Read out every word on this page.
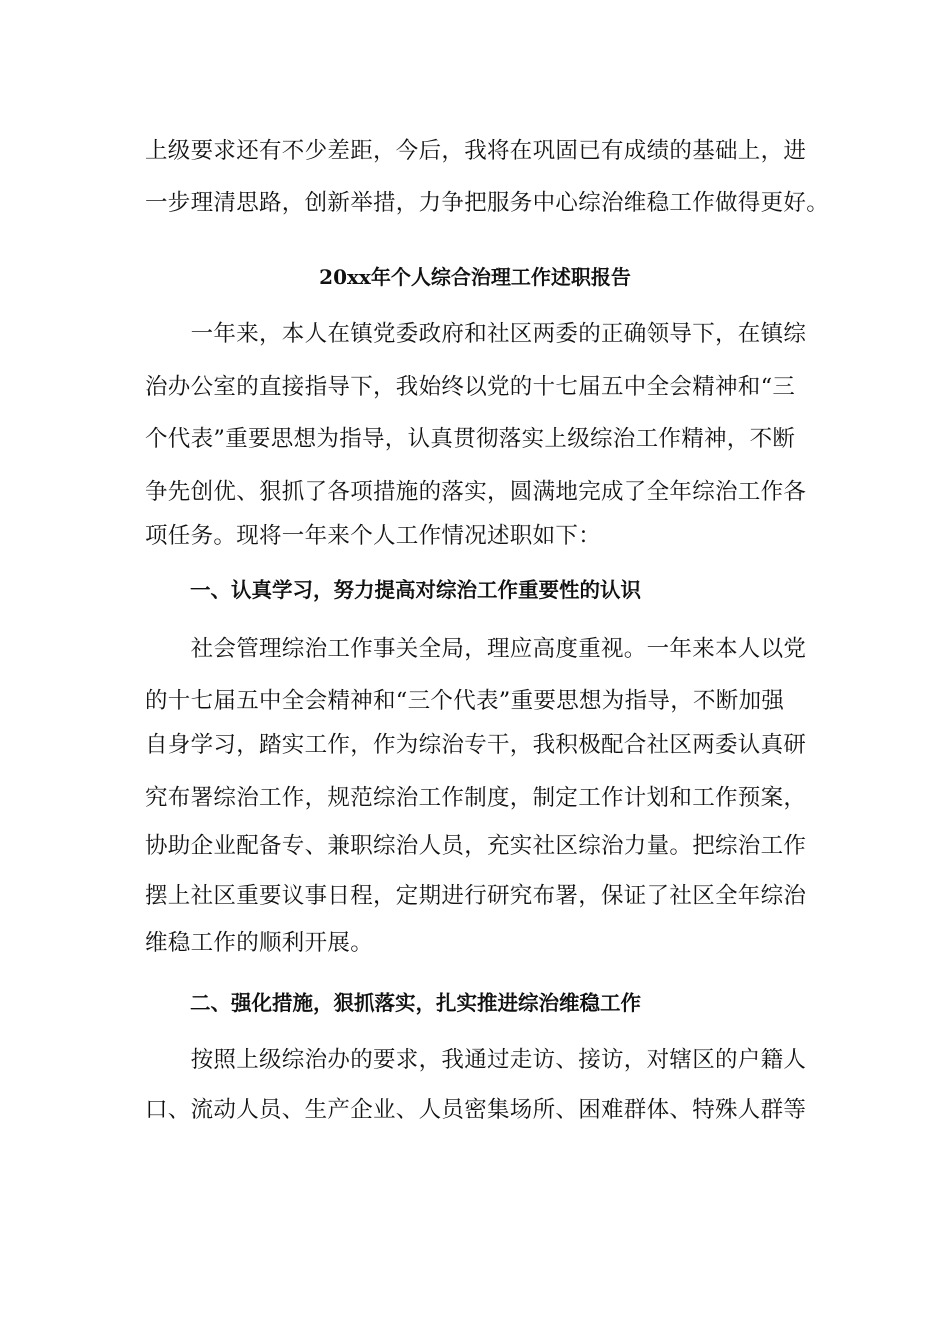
上级要求还有不少差距，今后，我将在巩固已有成绩的基础上，进
一步理清思路，创新举措，力争把服务中心综治维稳工作做得更好。
20xx年个人综合治理工作述职报告
　　一年来，本人在镇党委政府和社区两委的正确领导下，在镇综
治办公室的直接指导下，我始终以党的十七届五中全会精神和“三
个代表”重要思想为指导，认真贯彻落实上级综治工作精神，不断
争先创优、狠抓了各项措施的落实，圆满地完成了全年综治工作各
项任务。现将一年来个人工作情况述职如下：
一、认真学习，努力提高对综治工作重要性的认识
　　社会管理综治工作事关全局，理应高度重视。一年来本人以党
的十七届五中全会精神和“三个代表”重要思想为指导，不断加强
自身学习，踏实工作，作为综治专干，我积极配合社区两委认真研
究布署综治工作，规范综治工作制度，制定工作计划和工作预案，
协助企业配备专、兼职综治人员，充实社区综治力量。把综治工作
摆上社区重要议事日程，定期进行研究布署，保证了社区全年综治
维稳工作的顺利开展。
二、强化措施，狠抓落实，扎实推进综治维稳工作
　　按照上级综治办的要求，我通过走访、接访，对辖区的户籍人
口、流动人员、生产企业、人员密集场所、困难群体、特殊人群等
